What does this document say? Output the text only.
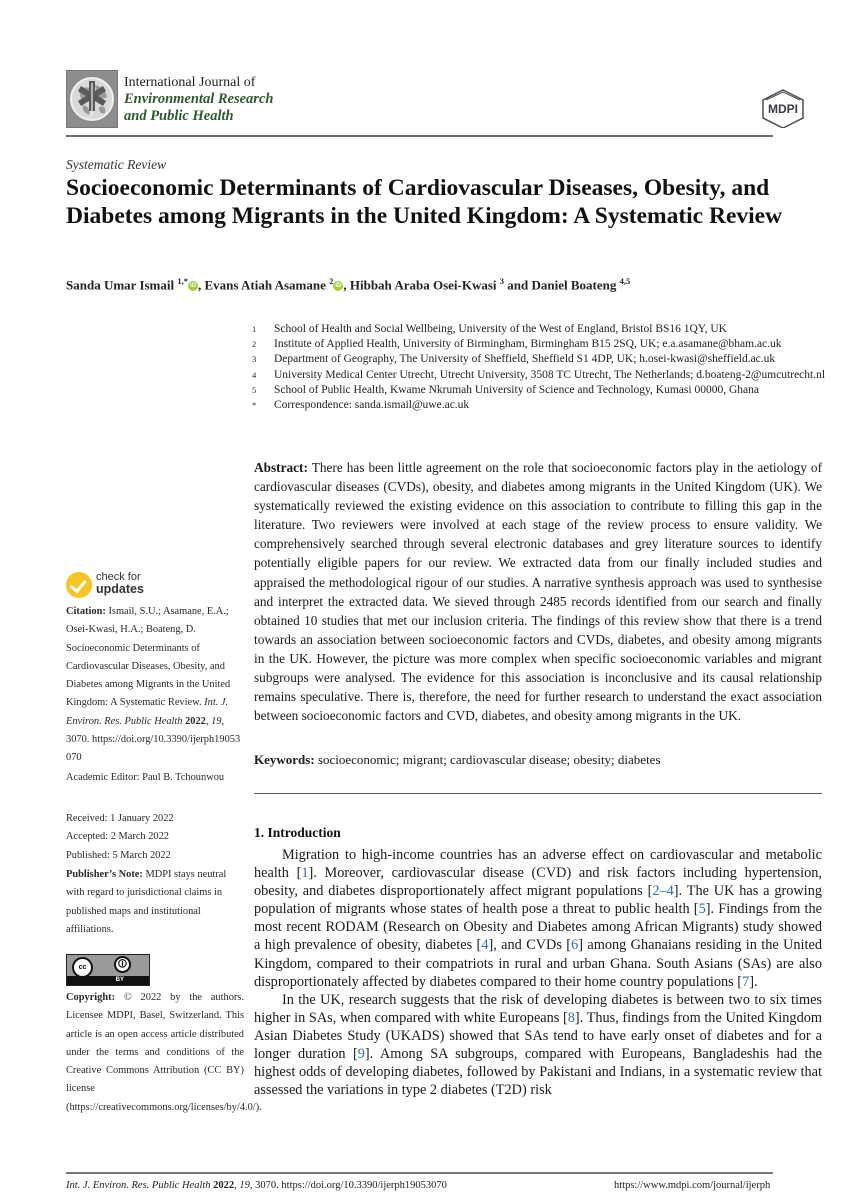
International Journal of
Environmental Research
and Public Health	MDPI
Systematic Review
Socioeconomic Determinants of Cardiovascular Diseases, Obesity, and Diabetes among Migrants in the United Kingdom: A Systematic Review
Sanda Umar Ismail $^{1,*}$iD , Evans Atiah Asamane $^2$iD , Hibbah Araba Osei-Kwasi $^3$ and Daniel Boateng $^{4,5}$
1	School of Health and Social Wellbeing, University of the West of England, Bristol BS16 1QY, UK
2	Institute of Applied Health, University of Birmingham, Birmingham B15 2SQ, UK; e.a.asamane@bham.ac.uk
3	Department of Geography, The University of Sheffield, Sheffield S1 4DP, UK; h.osei-kwasi@sheffield.ac.uk
4	University Medical Center Utrecht, Utrecht University, 3508 TC Utrecht, The Netherlands; d.boateng-2@umcutrecht.nl
5	School of Public Health, Kwame Nkrumah University of Science and Technology, Kumasi 00000, Ghana
*	Correspondence: sanda.ismail@uwe.ac.uk
Abstract: There has been little agreement on the role that socioeconomic factors play in the aetiology of cardiovascular diseases (CVDs), obesity, and diabetes among migrants in the United Kingdom (UK). We systematically reviewed the existing evidence on this association to contribute to filling this gap in the literature. Two reviewers were involved at each stage of the review process to ensure validity. We comprehensively searched through several electronic databases and grey literature sources to identify potentially eligible papers for our review. We extracted data from our finally included studies and appraised the methodological rigour of our studies. A narrative synthesis approach was used to synthesise and interpret the extracted data. We sieved through 2485 records identified from our search and finally obtained 10 studies that met our inclusion criteria. The findings of this review show that there is a trend towards an association between socioeconomic factors and CVDs, diabetes, and obesity among migrants in the UK. However, the picture was more complex when specific socioeconomic variables and migrant subgroups were analysed. The evidence for this association is inconclusive and its causal relationship remains speculative. There is, therefore, the need for further research to understand the exact association between socioeconomic factors and CVD, diabetes, and obesity among migrants in the UK.
Keywords: socioeconomic; migrant; cardiovascular disease; obesity; diabetes
check for
updates
Citation: Ismail, S.U.; Asamane, E.A.; Osei-Kwasi, H.A.; Boateng, D. Socioeconomic Determinants of Cardiovascular Diseases, Obesity, and Diabetes among Migrants in the United Kingdom: A Systematic Review. Int. J. Environ. Res. Public Health 2022, 19, 3070. https://doi.org/10.3390/ijerph19053070
Academic Editor: Paul B. Tchounwou
Received: 1 January 2022
Accepted: 2 March 2022
Published: 5 March 2022
Publisher’s Note: MDPI stays neutral with regard to jurisdictional claims in published maps and institutional affiliations.
cc	🛈
BY
Copyright: © 2022 by the authors. Licensee MDPI, Basel, Switzerland. This article is an open access article distributed under the terms and conditions of the Creative Commons Attribution (CC BY) license (https://creativecommons.org/licenses/by/4.0/).
1. Introduction

Migration to high-income countries has an adverse effect on cardiovascular and metabolic health [1]. Moreover, cardiovascular disease (CVD) and risk factors including hypertension, obesity, and diabetes disproportionately affect migrant populations [2–4]. The UK has a growing population of migrants whose states of health pose a threat to public health [5]. Findings from the most recent RODAM (Research on Obesity and Diabetes among African Migrants) study showed a high prevalence of obesity, diabetes [4], and CVDs [6] among Ghanaians residing in the United Kingdom, compared to their compatriots in rural and urban Ghana. South Asians (SAs) are also disproportionately affected by diabetes compared to their home country populations [7].

In the UK, research suggests that the risk of developing diabetes is between two to six times higher in SAs, when compared with white Europeans [8]. Thus, findings from the United Kingdom Asian Diabetes Study (UKADS) showed that SAs tend to have early onset of diabetes and for a longer duration [9]. Among SA subgroups, compared with Europeans, Bangladeshis had the highest odds of developing diabetes, followed by Pakistani and Indians, in a systematic review that assessed the variations in type 2 diabetes (T2D) risk

Int. J. Environ. Res. Public Health 2022, 19, 3070. https://doi.org/10.3390/ijerph19053070	https://www.mdpi.com/journal/ijerph
